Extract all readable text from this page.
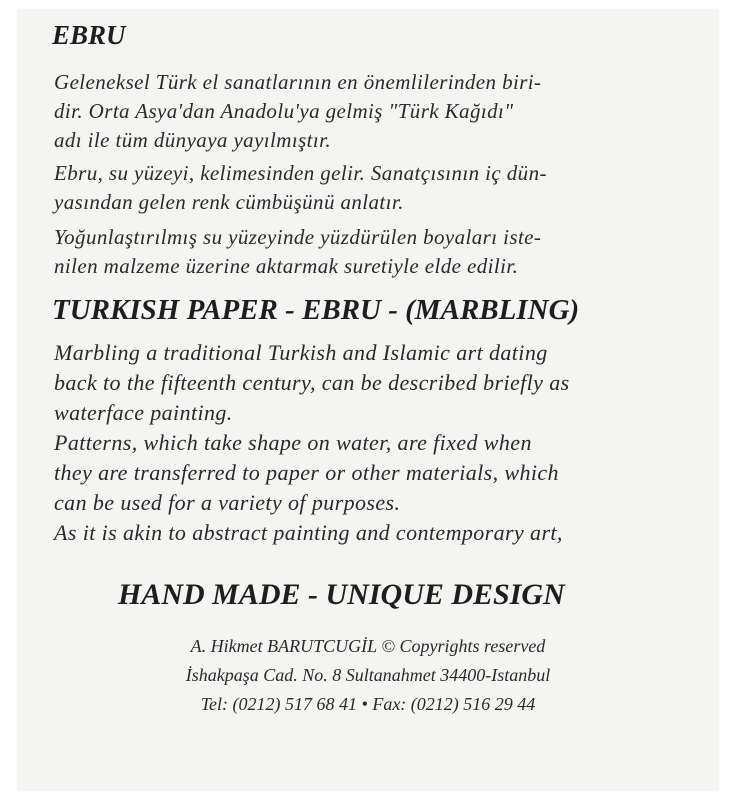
EBRU
Geleneksel Türk el sanatlarının en önemlilerinden biri-
dir. Orta Asya'dan Anadolu'ya gelmiş "Türk Kağıdı"
adı ile tüm dünyaya yayılmıştır.
Ebru, su yüzeyi, kelimesinden gelir. Sanatçısının iç dün-
yasından gelen renk cümbüşünü anlatır.
Yoğunlaştırılmış su yüzeyinde yüzdürülen boyaları iste-
nilen malzeme üzerine aktarmak suretiyle elde edilir.
TURKISH PAPER - EBRU - (MARBLING)
Marbling a traditional Turkish and Islamic art dating
back to the fifteenth century, can be described briefly as
waterface painting.
Patterns, which take shape on water, are fixed when
they are transferred to paper or other materials, which
can be used for a variety of purposes.
As it is akin to abstract painting and contemporary art,
HAND MADE - UNIQUE DESIGN
A. Hikmet BARUTCUGİL © Copyrights reserved
İshakpaşa Cad. No. 8 Sultanahmet 34400-Istanbul
Tel: (0212) 517 68 41 • Fax: (0212) 516 29 44
